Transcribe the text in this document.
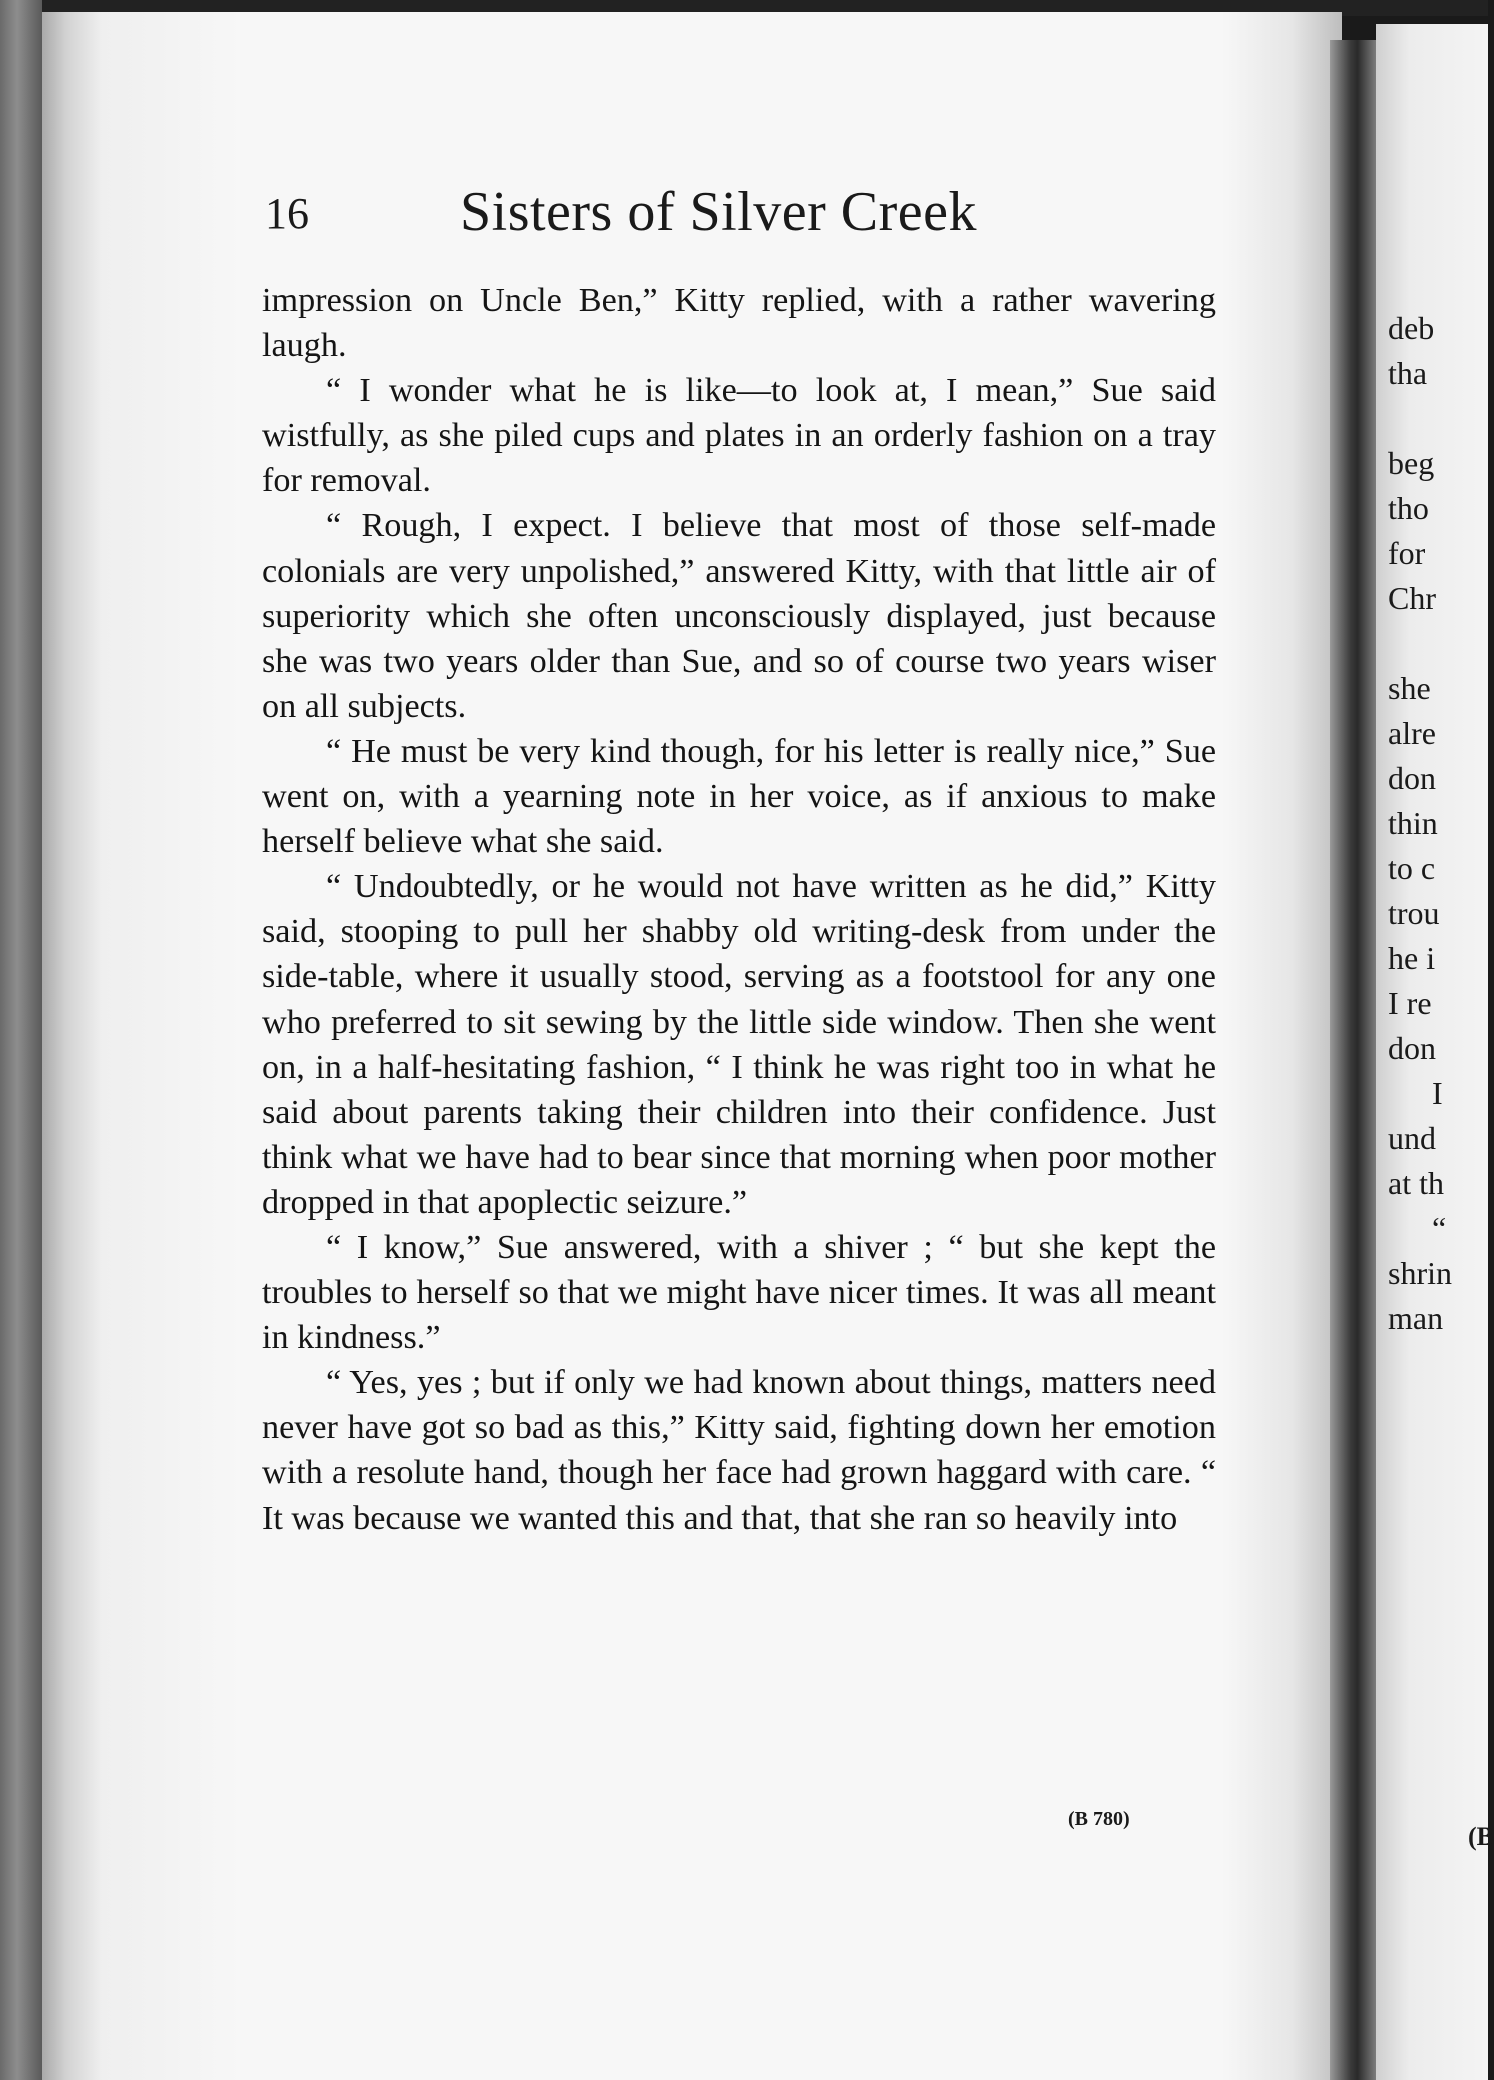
16	Sisters of Silver Creek

impression on Uncle Ben,” Kitty replied, with a rather wavering laugh.

“ I wonder what he is like—to look at, I mean,” Sue said wistfully, as she piled cups and plates in an orderly fashion on a tray for removal.

“ Rough, I expect. I believe that most of those self-made colonials are very unpolished,” answered Kitty, with that little air of superiority which she often unconsciously displayed, just because she was two years older than Sue, and so of course two years wiser on all subjects.

“ He must be very kind though, for his letter is really nice,” Sue went on, with a yearning note in her voice, as if anxious to make herself believe what she said.

“ Undoubtedly, or he would not have written as he did,” Kitty said, stooping to pull her shabby old writing-desk from under the side-table, where it usually stood, serving as a footstool for any one who preferred to sit sewing by the little side window. Then she went on, in a half-hesitating fashion, “ I think he was right too in what he said about parents taking their children into their confidence. Just think what we have had to bear since that morning when poor mother dropped in that apoplectic seizure.”

“ I know,” Sue answered, with a shiver ; “ but she kept the troubles to herself so that we might have nicer times. It was all meant in kindness.”

“ Yes, yes ; but if only we had known about things, matters need never have got so bad as this,” Kitty said, fighting down her emotion with a resolute hand, though her face had grown haggard with care. “ It was because we wanted this and that, that she ran so heavily into

(B 780)
deb
tha
beg
tho
for
Chr
she
alre
don
thin
to c
trou
he i
I re
don
I
und
at th
“
shrin
man
(B
